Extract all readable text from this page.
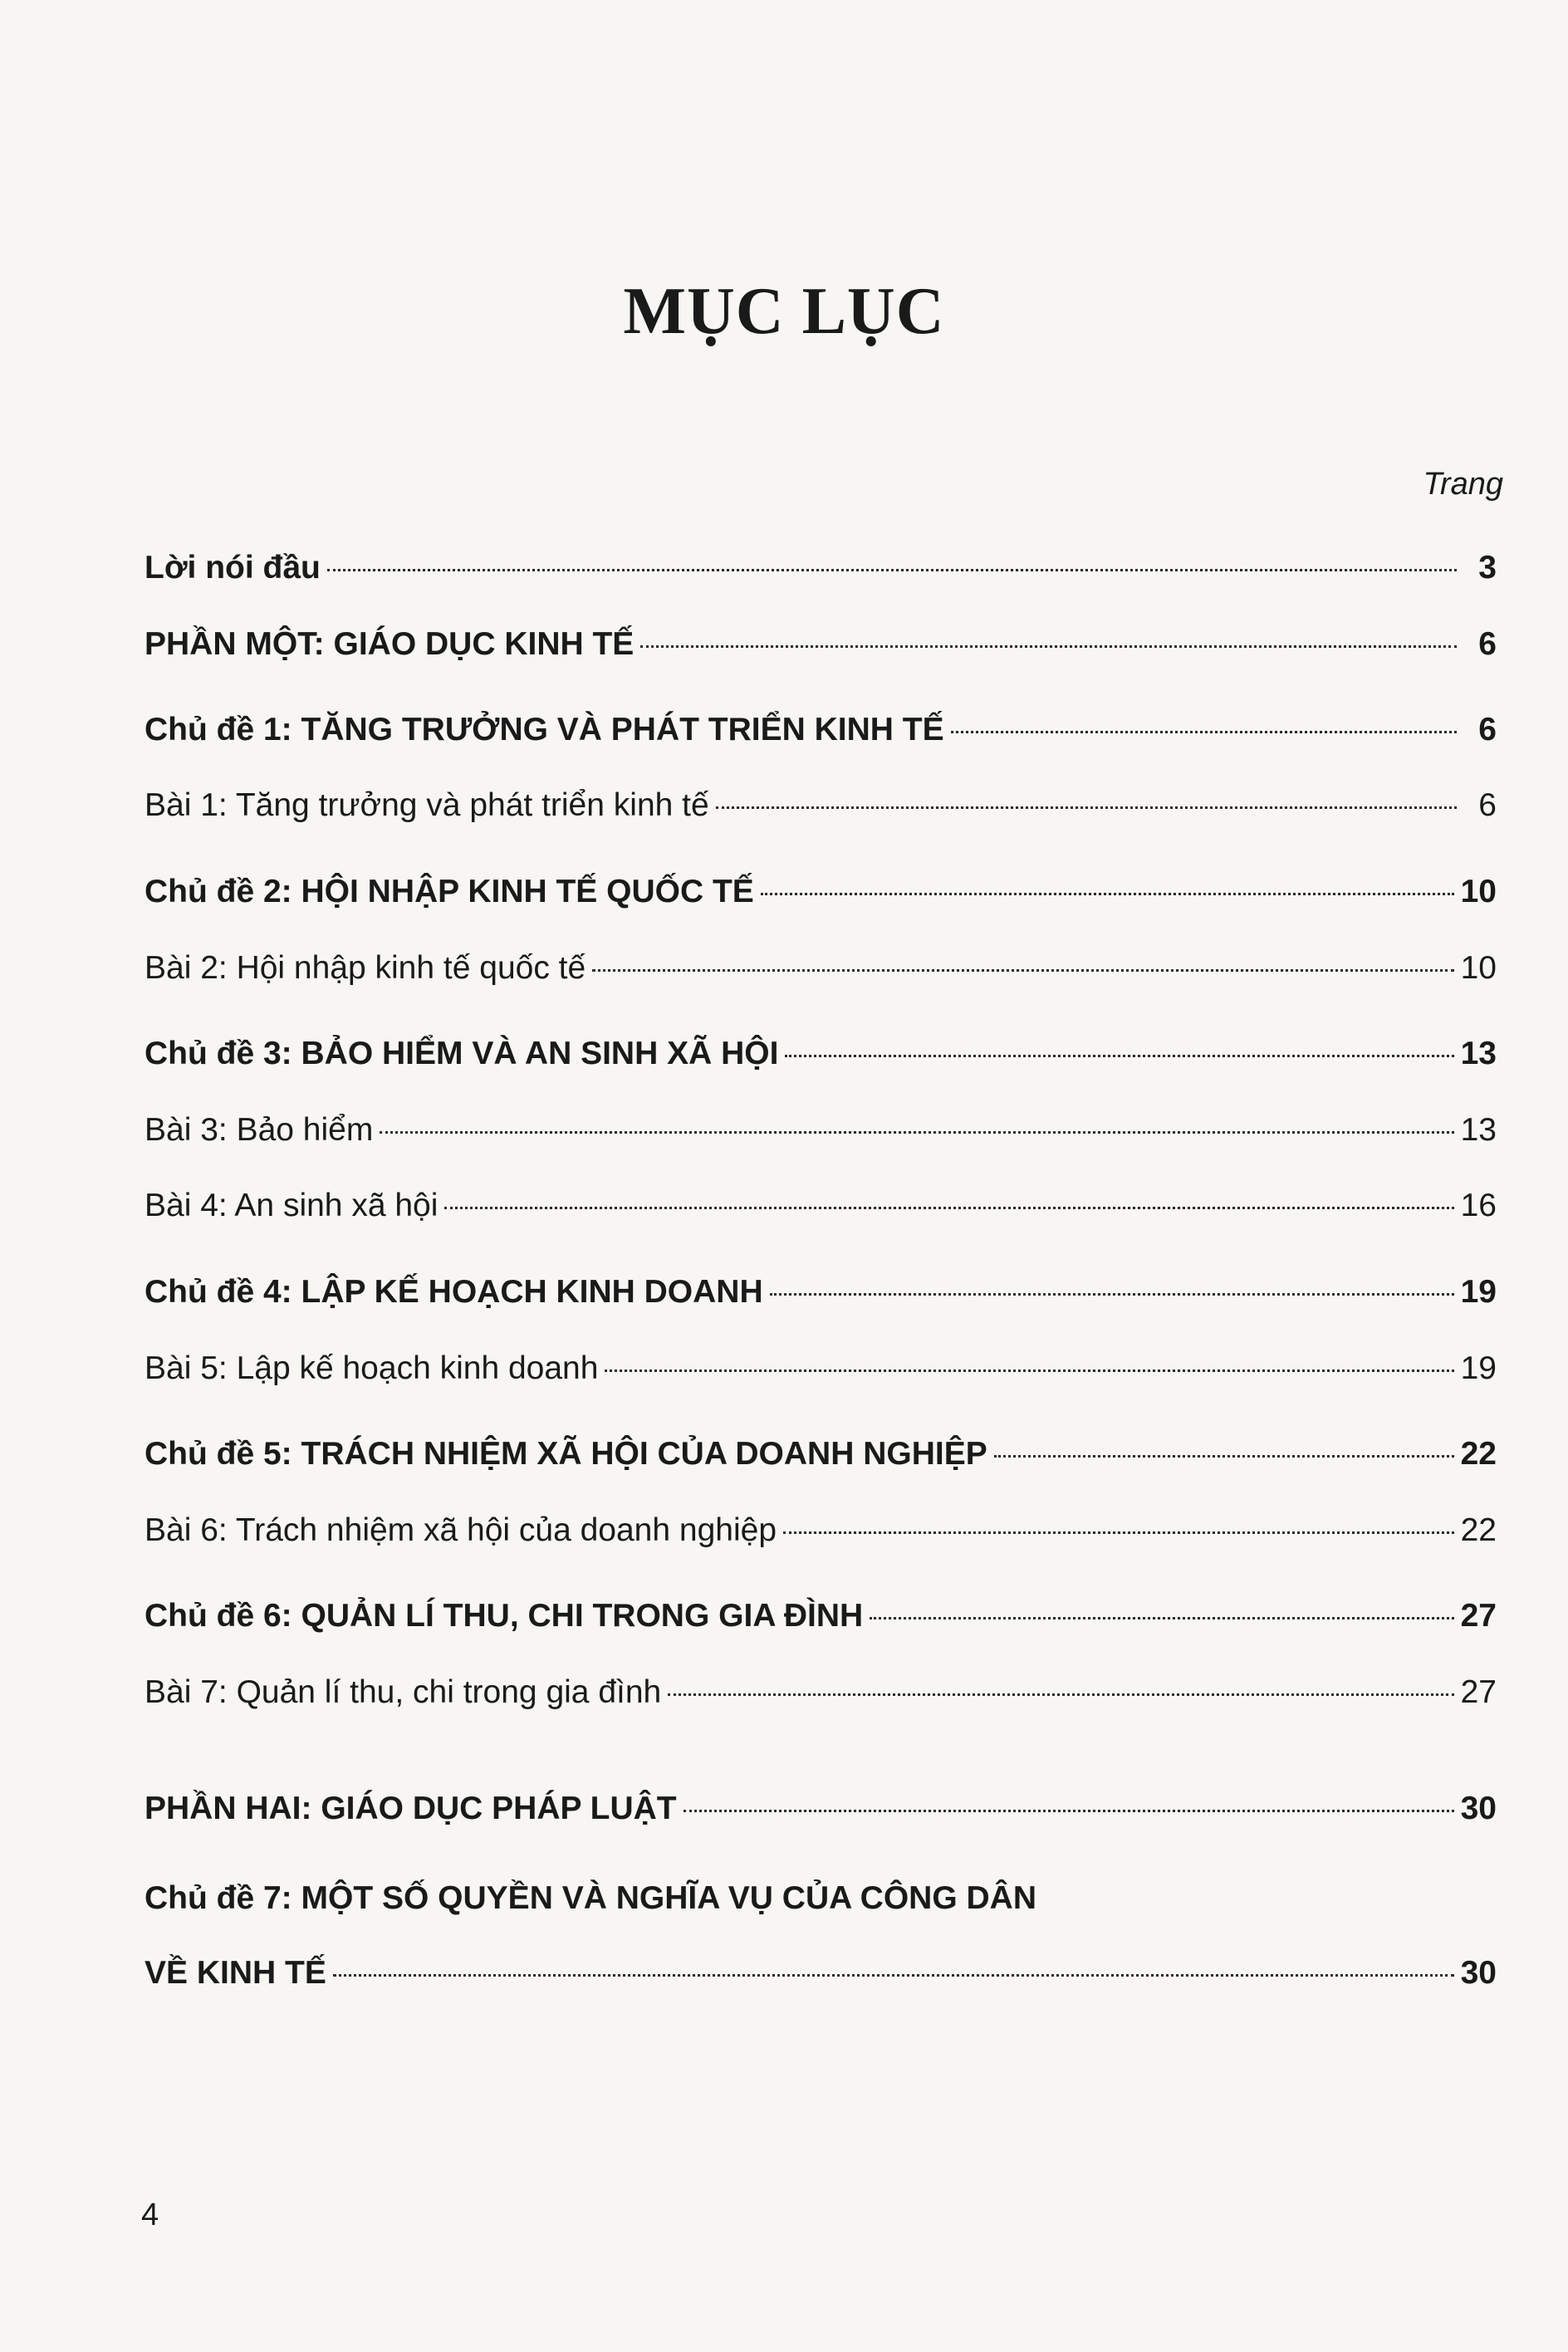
MỤC LỤC
Trang
Lời nói đầu	3
PHẦN MỘT: GIÁO DỤC KINH TẾ	6
Chủ đề 1: TĂNG TRƯỞNG VÀ PHÁT TRIỂN KINH TẾ	6
Bài 1: Tăng trưởng và phát triển kinh tế	6
Chủ đề 2: HỘI NHẬP KINH TẾ QUỐC TẾ	10
Bài 2: Hội nhập kinh tế quốc tế	10
Chủ đề 3: BẢO HIỂM VÀ AN SINH XÃ HỘI	13
Bài 3: Bảo hiểm	13
Bài 4: An sinh xã hội	16
Chủ đề 4: LẬP KẾ HOẠCH KINH DOANH	19
Bài 5: Lập kế hoạch kinh doanh	19
Chủ đề 5: TRÁCH NHIỆM XÃ HỘI CỦA DOANH NGHIỆP	22
Bài 6: Trách nhiệm xã hội của doanh nghiệp	22
Chủ đề 6: QUẢN LÍ THU, CHI TRONG GIA ĐÌNH	27
Bài 7: Quản lí thu, chi trong gia đình	27
PHẦN HAI: GIÁO DỤC PHÁP LUẬT	30
Chủ đề 7: MỘT SỐ QUYỀN VÀ NGHĨA VỤ CỦA CÔNG DÂN
VỀ KINH TẾ	30
4
